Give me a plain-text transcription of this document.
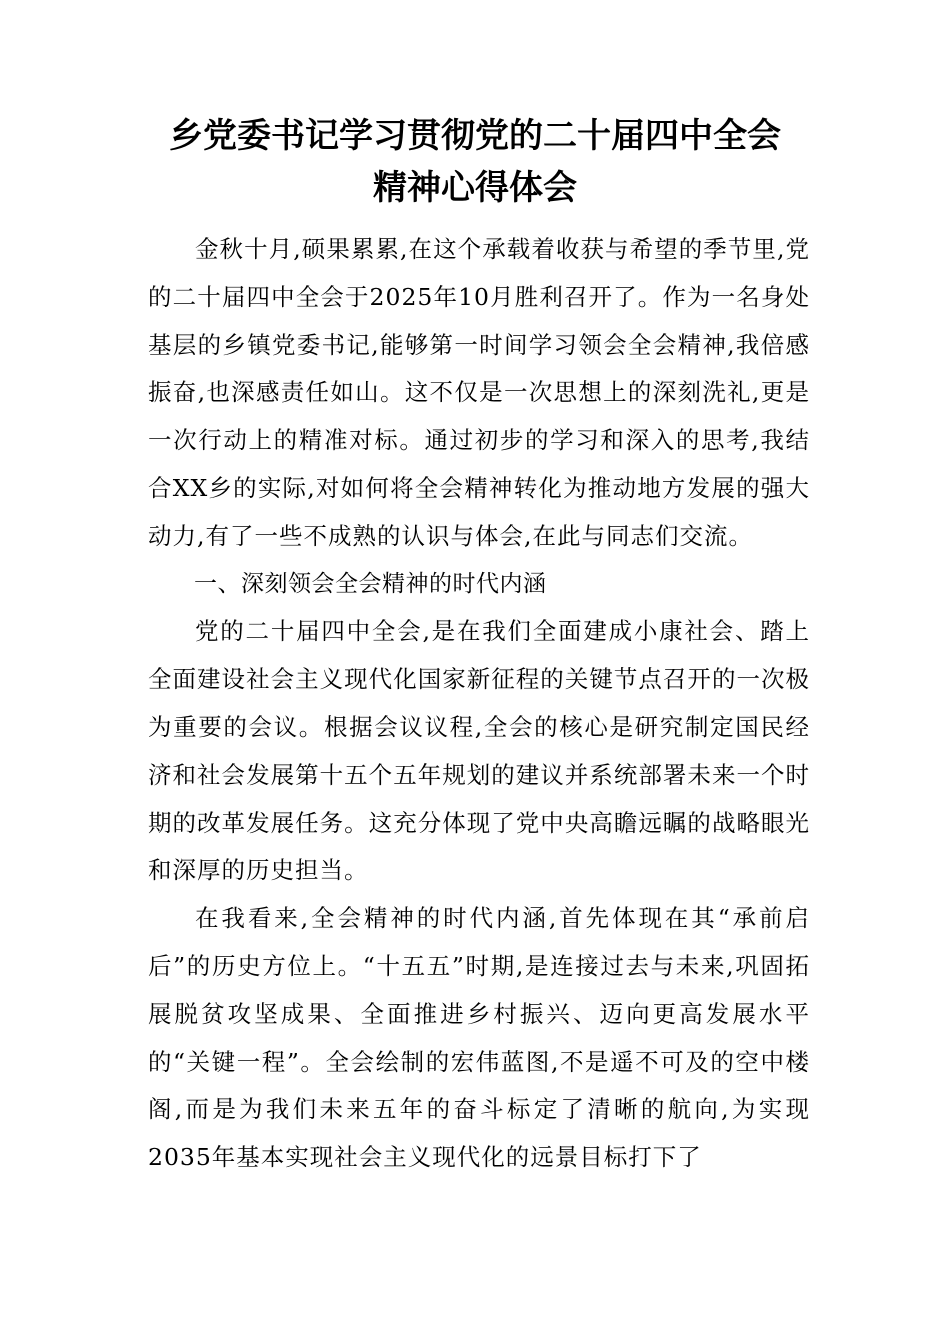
乡党委书记学习贯彻党的二十届四中全会
精神心得体会

金秋十月,硕果累累,在这个承载着收获与希望的季节里,党的二十届四中全会于2025年10月胜利召开了。作为一名身处基层的乡镇党委书记,能够第一时间学习领会全会精神,我倍感振奋,也深感责任如山。这不仅是一次思想上的深刻洗礼,更是一次行动上的精准对标。通过初步的学习和深入的思考,我结合XX乡的实际,对如何将全会精神转化为推动地方发展的强大动力,有了一些不成熟的认识与体会,在此与同志们交流。

一、深刻领会全会精神的时代内涵

党的二十届四中全会,是在我们全面建成小康社会、踏上全面建设社会主义现代化国家新征程的关键节点召开的一次极为重要的会议。根据会议议程,全会的核心是研究制定国民经济和社会发展第十五个五年规划的建议并系统部署未来一个时期的改革发展任务。这充分体现了党中央高瞻远瞩的战略眼光和深厚的历史担当。

在我看来,全会精神的时代内涵,首先体现在其“承前启后”的历史方位上。“十五五”时期,是连接过去与未来,巩固拓展脱贫攻坚成果、全面推进乡村振兴、迈向更高发展水平的“关键一程”。全会绘制的宏伟蓝图,不是遥不可及的空中楼阁,而是为我们未来五年的奋斗标定了清晰的航向,为实现2035年基本实现社会主义现代化的远景目标打下了
